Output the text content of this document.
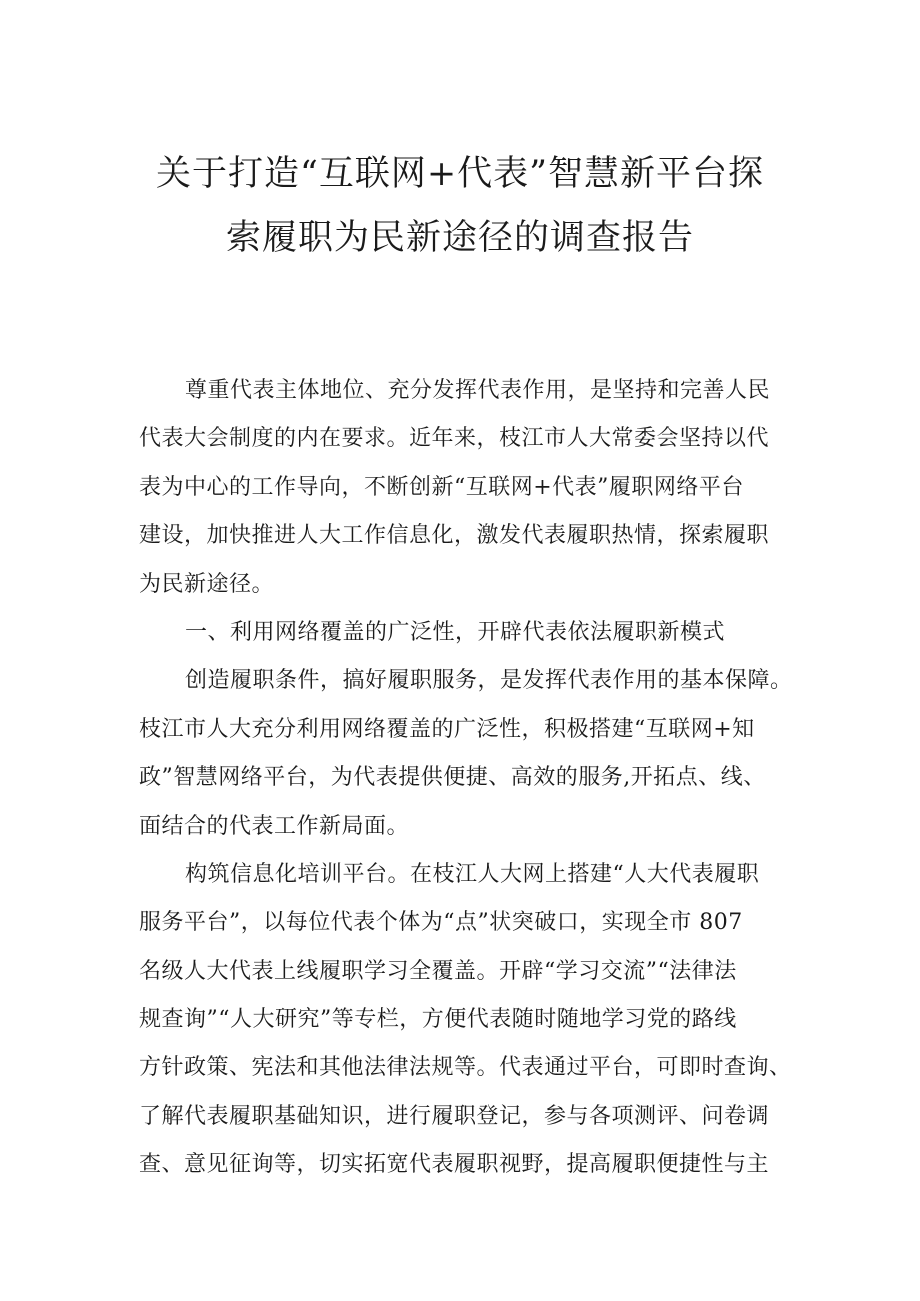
关于打造“互联网+代表”智慧新平台探
索履职为民新途径的调查报告

尊重代表主体地位、充分发挥代表作用，是坚持和完善人民

代表大会制度的内在要求。近年来，枝江市人大常委会坚持以代

表为中心的工作导向，不断创新“互联网+代表”履职网络平台

建设，加快推进人大工作信息化，激发代表履职热情，探索履职

为民新途径。

一、利用网络覆盖的广泛性，开辟代表依法履职新模式

创造履职条件，搞好履职服务，是发挥代表作用的基本保障。

枝江市人大充分利用网络覆盖的广泛性，积极搭建“互联网+知

政”智慧网络平台，为代表提供便捷、高效的服务,开拓点、线、

面结合的代表工作新局面。

构筑信息化培训平台。在枝江人大网上搭建“人大代表履职

服务平台”，以每位代表个体为“点”状突破口，实现全市 807

名级人大代表上线履职学习全覆盖。开辟“学习交流”“法律法

规查询”“人大研究”等专栏，方便代表随时随地学习党的路线

方针政策、宪法和其他法律法规等。代表通过平台，可即时查询、

了解代表履职基础知识，进行履职登记，参与各项测评、问卷调

查、意见征询等，切实拓宽代表履职视野，提高履职便捷性与主
